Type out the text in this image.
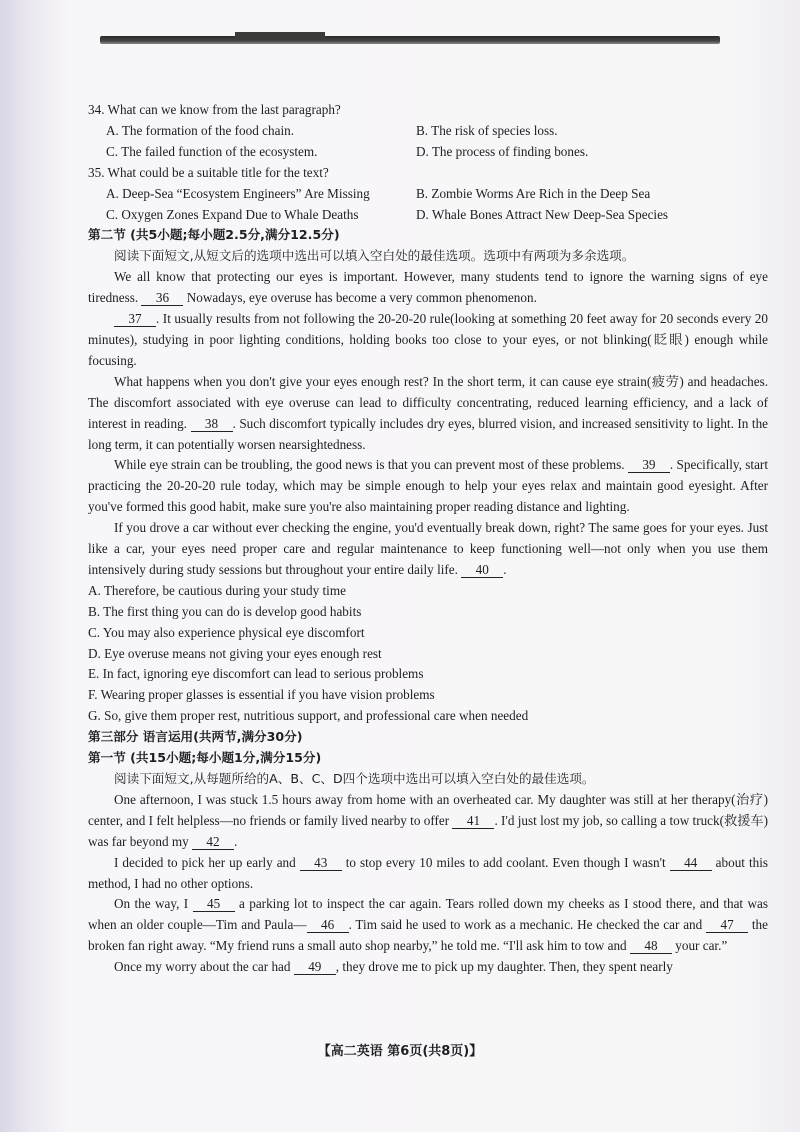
34. What can we know from the last paragraph?

A. The formation of the food chain.	B. The risk of species loss.
C. The failed function of the ecosystem.	D. The process of finding bones.

35. What could be a suitable title for the text?

A. Deep-Sea “Ecosystem Engineers” Are Missing	B. Zombie Worms Are Rich in the Deep Sea
C. Oxygen Zones Expand Due to Whale Deaths	D. Whale Bones Attract New Deep-Sea Species

第二节 (共5小题;每小题2.5分,满分12.5分)

阅读下面短文,从短文后的选项中选出可以填入空白处的最佳选项。选项中有两项为多余选项。

We all know that protecting our eyes is important. However, many students tend to ignore the warning signs of eye tiredness. 36 Nowadays, eye overuse has become a very common phenomenon.

37 . It usually results from not following the 20-20-20 rule(looking at something 20 feet away for 20 seconds every 20 minutes), studying in poor lighting conditions, holding books too close to your eyes, or not blinking(眨眼) enough while focusing.

What happens when you don't give your eyes enough rest? In the short term, it can cause eye strain(疲劳) and headaches. The discomfort associated with eye overuse can lead to difficulty concentrating, reduced learning efficiency, and a lack of interest in reading. 38 . Such discomfort typically includes dry eyes, blurred vision, and increased sensitivity to light. In the long term, it can potentially worsen nearsightedness.

While eye strain can be troubling, the good news is that you can prevent most of these problems. 39 . Specifically, start practicing the 20-20-20 rule today, which may be simple enough to help your eyes relax and maintain good eyesight. After you've formed this good habit, make sure you're also maintaining proper reading distance and lighting.

If you drove a car without ever checking the engine, you'd eventually break down, right? The same goes for your eyes. Just like a car, your eyes need proper care and regular maintenance to keep functioning well—not only when you use them intensively during study sessions but throughout your entire daily life. 40 .

A. Therefore, be cautious during your study time

B. The first thing you can do is develop good habits

C. You may also experience physical eye discomfort

D. Eye overuse means not giving your eyes enough rest

E. In fact, ignoring eye discomfort can lead to serious problems

F. Wearing proper glasses is essential if you have vision problems

G. So, give them proper rest, nutritious support, and professional care when needed

第三部分 语言运用(共两节,满分30分)

第一节 (共15小题;每小题1分,满分15分)

阅读下面短文,从每题所给的A、B、C、D四个选项中选出可以填入空白处的最佳选项。

One afternoon, I was stuck 1.5 hours away from home with an overheated car. My daughter was still at her therapy(治疗) center, and I felt helpless—no friends or family lived nearby to offer 41 . I'd just lost my job, so calling a tow truck(救援车) was far beyond my 42 .

I decided to pick her up early and 43 to stop every 10 miles to add coolant. Even though I wasn't 44 about this method, I had no other options.

On the way, I 45 a parking lot to inspect the car again. Tears rolled down my cheeks as I stood there, and that was when an older couple—Tim and Paula— 46 . Tim said he used to work as a mechanic. He checked the car and 47 the broken fan right away. “My friend runs a small auto shop nearby,” he told me. “I'll ask him to tow and 48 your car.”

Once my worry about the car had 49 , they drove me to pick up my daughter. Then, they spent nearly

【高二英语 第6页(共8页)】
